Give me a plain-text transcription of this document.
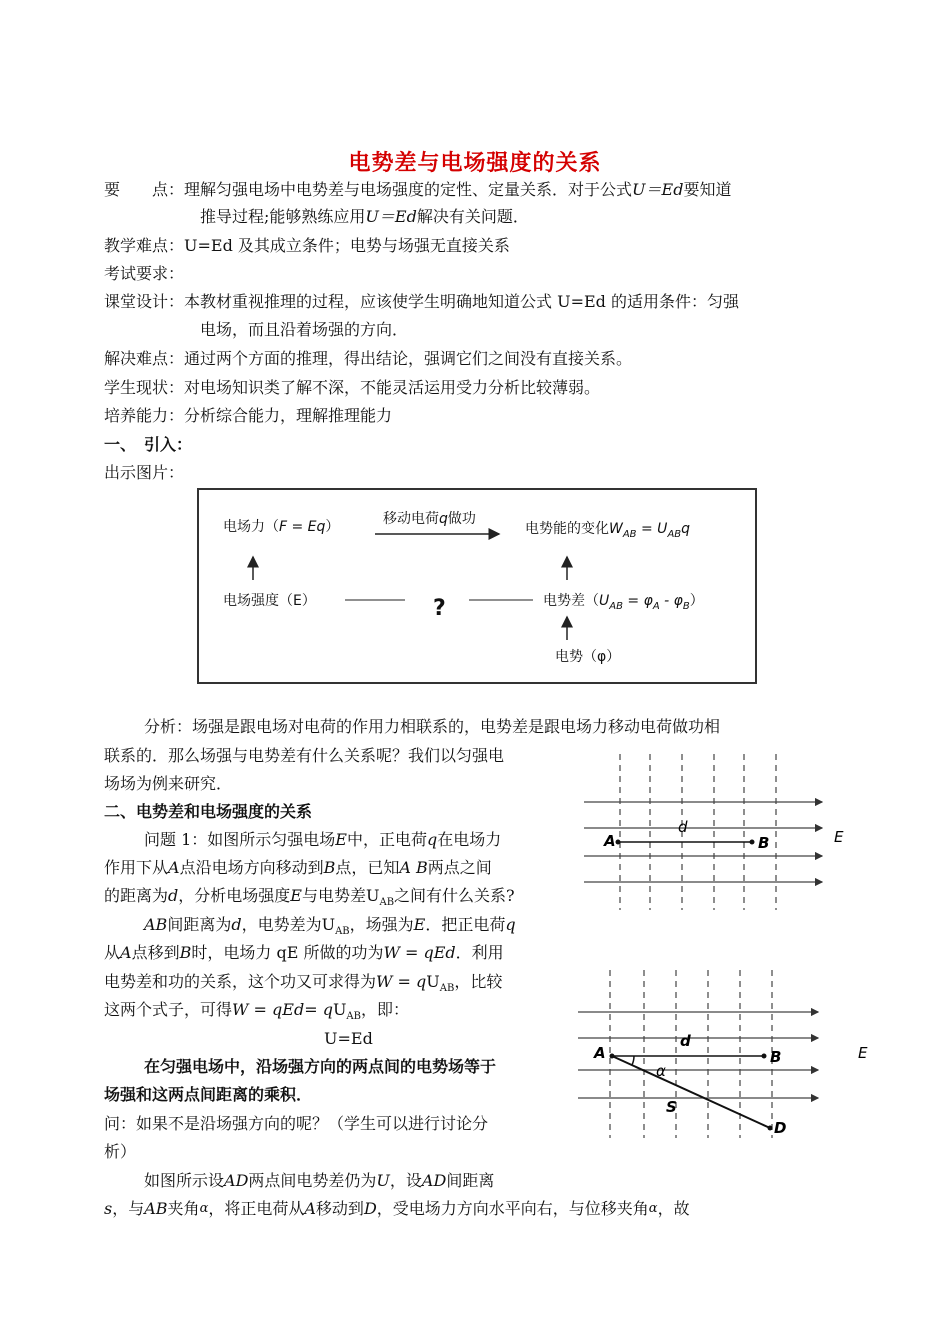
电势差与电场强度的关系
要　　点：理解匀强电场中电势差与电场强度的定性、定量关系．对于公式U＝Ed要知道
推导过程;能够熟练应用U＝Ed解决有关问题．
教学难点：U=Ed 及其成立条件；电势与场强无直接关系
考试要求：
课堂设计：本教材重视推理的过程，应该使学生明确地知道公式 U=Ed 的适用条件：匀强
电场，而且沿着场强的方向．
解决难点：通过两个方面的推理，得出结论，强调它们之间没有直接关系。
学生现状：对电场知识类了解不深，不能灵活运用受力分析比较薄弱。
培养能力：分析综合能力，理解推理能力
一、　引入：
出示图片：
电场力（F = Eq）	移动电荷q做功
电势能的变化$W_{AB} = U_{AB}q$
电场强度（E）	?	电势差$(U_{AB} = \varphi_A - \varphi_B)$
电势（φ）
分析：场强是跟电场对电荷的作用力相联系的，电势差是跟电场力移动电荷做功相
联系的．那么场强与电势差有什么关系呢？我们以匀强电
场场为例来研究．
二、电势差和电场强度的关系
问题 1：如图所示匀强电场E中，正电荷q在电场力
作用下从A点沿电场方向移动到B点，已知A B两点之间
的距离为d，分析电场强度E与电势差$U_{AB}$之间有什么关系?
AB间距离为d，电势差为$U_{AB}$，场强为E．把正电荷q
从A点移到B时，电场力 qE 所做的功为W = qEd．利用
电势差和功的关系，这个功又可求得为$W = qU_{AB}$，比较
这两个式子，可得$W = qEd= qU_{AB}$，即：
U=Ed
在匀强电场中，沿场强方向的两点间的电势场等于
场强和这两点间距离的乘积．
问：如果不是沿场强方向的呢？（学生可以进行讨论分
析）
如图所示设AD两点间电势差仍为U，设AD间距离
s，与AB夹角$^\alpha$，将正电荷从A移动到D，受电场力方向水平向右，与位移夹角$^\alpha$，故
A	B
d
E
A	B
d
E
α
S
D
